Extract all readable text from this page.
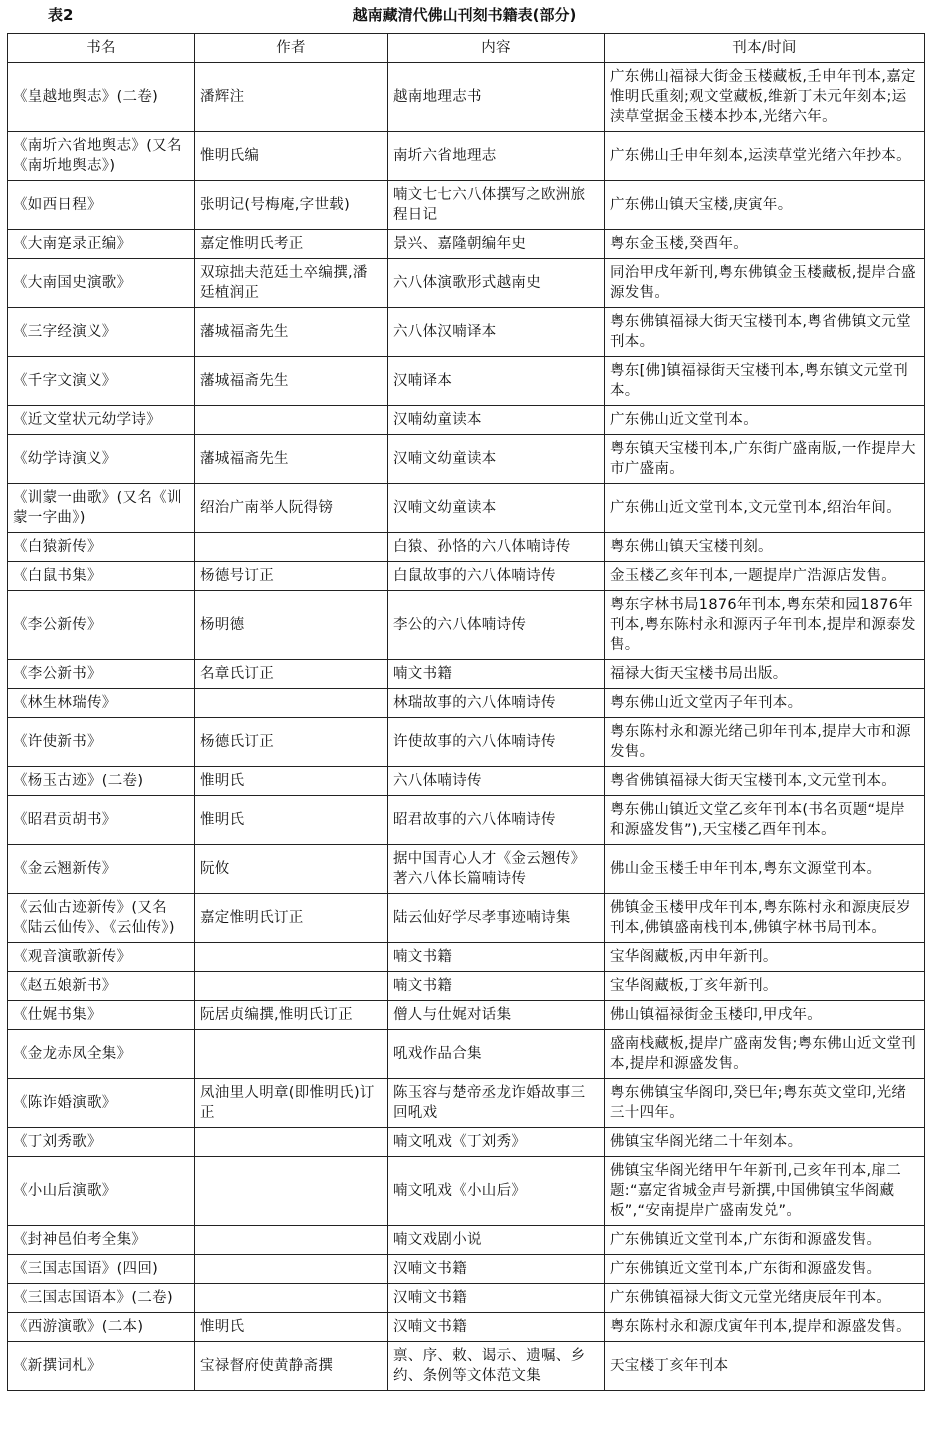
表2	越南藏清代佛山刊刻书籍表(部分)
书名	作者	内容	刊本/时间
《皇越地舆志》(二卷)	潘辉注	越南地理志书	广东佛山福禄大街金玉楼藏板,壬申年刊本,嘉定惟明氏重刻;观文堂藏板,维新丁未元年刻本;运渎草堂据金玉楼本抄本,光绪六年。
《南圻六省地舆志》(又名《南圻地舆志》)	惟明氏编	南圻六省地理志	广东佛山壬申年刻本,运渎草堂光绪六年抄本。
《如西日程》	张明记(号梅庵,字世载)	喃文七七六八体撰写之欧洲旅程日记	广东佛山镇天宝楼,庚寅年。
《大南寔录正编》	嘉定惟明氏考正	景兴、嘉隆朝编年史	粤东金玉楼,癸酉年。
《大南国史演歌》	双琼拙夫范廷土卒编撰,潘廷植润正	六八体演歌形式越南史	同治甲戌年新刊,粤东佛镇金玉楼藏板,提岸合盛源发售。
《三字经演义》	藩城福斋先生	六八体汉喃译本	粤东佛镇福禄大街天宝楼刊本,粤省佛镇文元堂刊本。
《千字文演义》	藩城福斋先生	汉喃译本	粤东[佛]镇福禄街天宝楼刊本,粤东镇文元堂刊本。
《近文堂状元幼学诗》		汉喃幼童读本	广东佛山近文堂刊本。
《幼学诗演义》	藩城福斋先生	汉喃文幼童读本	粤东镇天宝楼刊本,广东街广盛南版,一作提岸大市广盛南。
《训蒙一曲歌》(又名《训蒙一字曲》)	绍治广南举人阮得镑	汉喃文幼童读本	广东佛山近文堂刊本,文元堂刊本,绍治年间。
《白猿新传》		白猿、孙恪的六八体喃诗传	粤东佛山镇天宝楼刊刻。
《白鼠书集》	杨德号订正	白鼠故事的六八体喃诗传	金玉楼乙亥年刊本,一题提岸广浩源店发售。
《李公新传》	杨明德	李公的六八体喃诗传	粤东字林书局1876年刊本,粤东荣和园1876年刊本,粤东陈村永和源丙子年刊本,提岸和源泰发售。
《李公新书》	名章氏订正	喃文书籍	福禄大街天宝楼书局出版。
《林生林瑞传》		林瑞故事的六八体喃诗传	粤东佛山近文堂丙子年刊本。
《许使新书》	杨德氏订正	许使故事的六八体喃诗传	粤东陈村永和源光绪己卯年刊本,提岸大市和源发售。
《杨玉古迹》(二卷)	惟明氏	六八体喃诗传	粤省佛镇福禄大街天宝楼刊本,文元堂刊本。
《昭君贡胡书》	惟明氏	昭君故事的六八体喃诗传	粤东佛山镇近文堂乙亥年刊本(书名页题“堤岸和源盛发售”),天宝楼乙酉年刊本。
《金云翘新传》	阮攸	据中国青心人才《金云翘传》著六八体长篇喃诗传	佛山金玉楼壬申年刊本,粤东文源堂刊本。
《云仙古迹新传》(又名《陆云仙传》、《云仙传》)	嘉定惟明氏订正	陆云仙好学尽孝事迹喃诗集	佛镇金玉楼甲戌年刊本,粤东陈村永和源庚辰岁刊本,佛镇盛南栈刊本,佛镇字林书局刊本。
《观音演歌新传》		喃文书籍	宝华阁藏板,丙申年新刊。
《赵五娘新书》		喃文书籍	宝华阁藏板,丁亥年新刊。
《仕娓书集》	阮居贞编撰,惟明氏订正	僧人与仕娓对话集	佛山镇福禄街金玉楼印,甲戌年。
《金龙赤凤全集》		吼戏作品合集	盛南栈藏板,提岸广盛南发售;粤东佛山近文堂刊本,提岸和源盛发售。
《陈诈婚演歌》	凤油里人明章(即惟明氏)订正	陈玉容与楚帝丞龙诈婚故事三回吼戏	粤东佛镇宝华阁印,癸巳年;粤东英文堂印,光绪三十四年。
《丁刘秀歌》		喃文吼戏《丁刘秀》	佛镇宝华阁光绪二十年刻本。
《小山后演歌》		喃文吼戏《小山后》	佛镇宝华阁光绪甲午年新刊,己亥年刊本,扉二题:“嘉定省城金声号新撰,中国佛镇宝华阁藏板”,“安南提岸广盛南发兑”。
《封神邑伯考全集》		喃文戏剧小说	广东佛镇近文堂刊本,广东街和源盛发售。
《三国志国语》(四回)		汉喃文书籍	广东佛镇近文堂刊本,广东街和源盛发售。
《三国志国语本》(二卷)		汉喃文书籍	广东佛镇福禄大街文元堂光绪庚辰年刊本。
《西游演歌》(二本)	惟明氏	汉喃文书籍	粤东陈村永和源戊寅年刊本,提岸和源盛发售。
《新撰词札》	宝禄督府使黄静斋撰	禀、序、敕、谒示、遗嘱、乡约、条例等文体范文集	天宝楼丁亥年刊本
